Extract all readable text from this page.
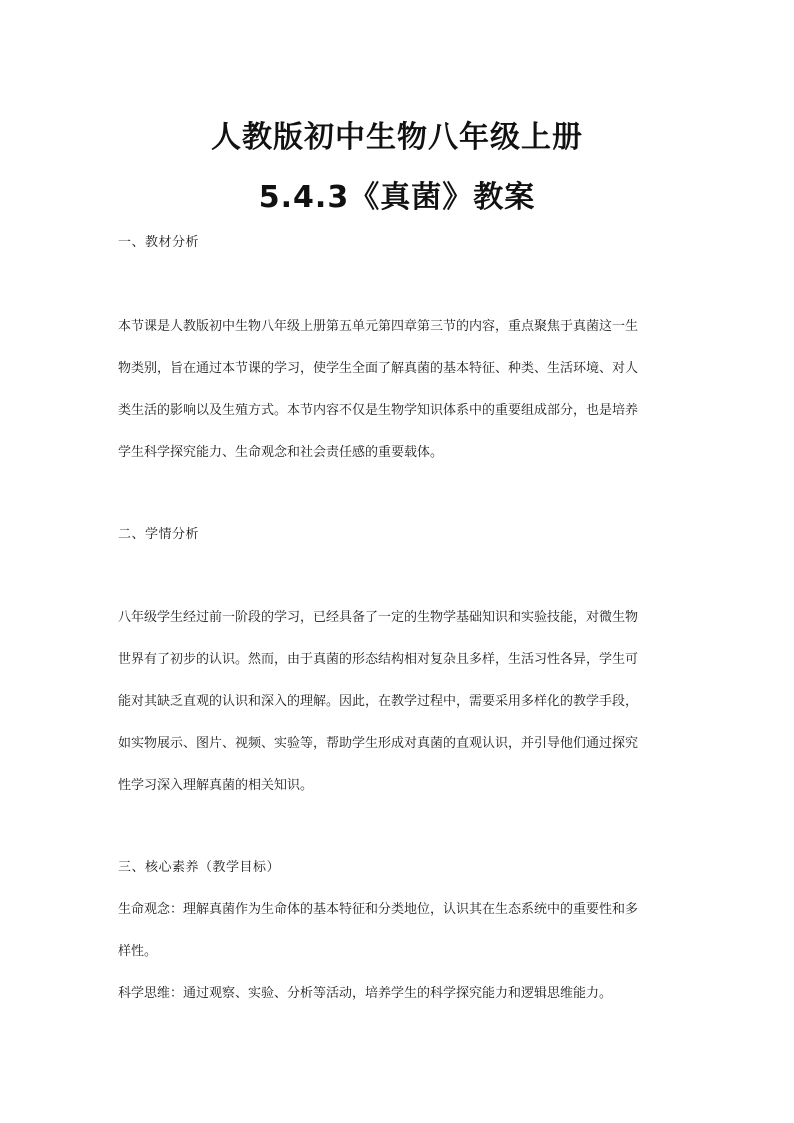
人教版初中生物八年级上册
5.4.3《真菌》教案

一、教材分析

本节课是人教版初中生物八年级上册第五单元第四章第三节的内容，重点聚焦于真菌这一生

物类别，旨在通过本节课的学习，使学生全面了解真菌的基本特征、种类、生活环境、对人

类生活的影响以及生殖方式。本节内容不仅是生物学知识体系中的重要组成部分，也是培养

学生科学探究能力、生命观念和社会责任感的重要载体。

二、学情分析

八年级学生经过前一阶段的学习，已经具备了一定的生物学基础知识和实验技能，对微生物

世界有了初步的认识。然而，由于真菌的形态结构相对复杂且多样，生活习性各异，学生可

能对其缺乏直观的认识和深入的理解。因此，在教学过程中，需要采用多样化的教学手段，

如实物展示、图片、视频、实验等，帮助学生形成对真菌的直观认识，并引导他们通过探究

性学习深入理解真菌的相关知识。

三、核心素养（教学目标）

生命观念：理解真菌作为生命体的基本特征和分类地位，认识其在生态系统中的重要性和多

样性。

科学思维：通过观察、实验、分析等活动，培养学生的科学探究能力和逻辑思维能力。
